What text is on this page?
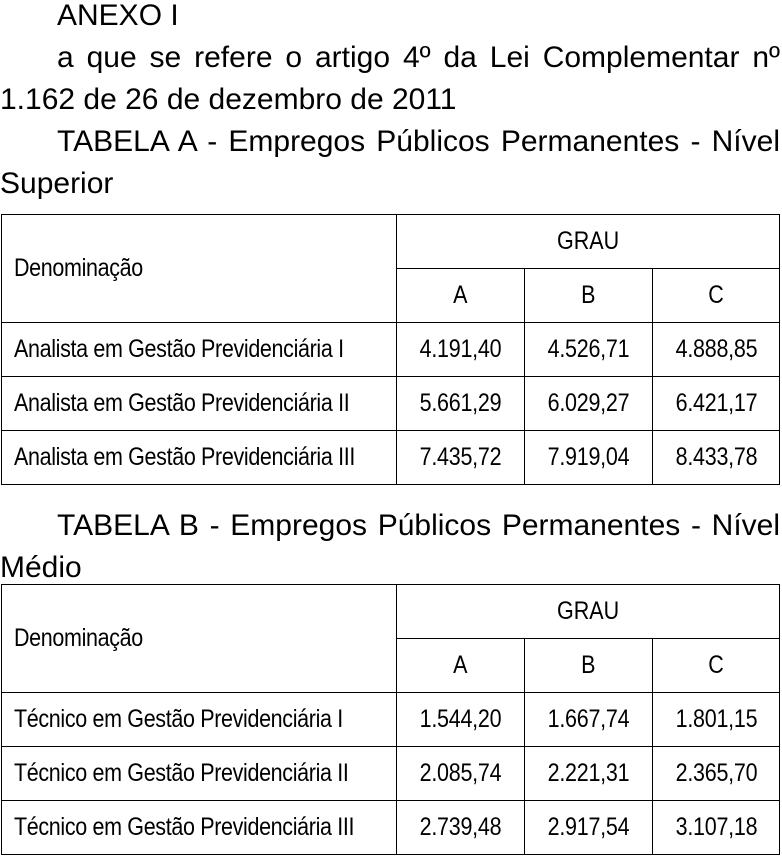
ANEXO I

a que se refere o artigo 4º da Lei Complementar nº 1.162 de 26 de dezembro de 2011

TABELA A - Empregos Públicos Permanentes - Nível Superior

Denominação	GRAU		
	A	B	C
Analista em Gestão Previdenciária I	4.191,40	4.526,71	4.888,85
Analista em Gestão Previdenciária II	5.661,29	6.029,27	6.421,17
Analista em Gestão Previdenciária III	7.435,72	7.919,04	8.433,78

TABELA B - Empregos Públicos Permanentes - Nível Médio

Denominação	GRAU		
	A	B	C
Técnico em Gestão Previdenciária I	1.544,20	1.667,74	1.801,15
Técnico em Gestão Previdenciária II	2.085,74	2.221,31	2.365,70
Técnico em Gestão Previdenciária III	2.739,48	2.917,54	3.107,18
